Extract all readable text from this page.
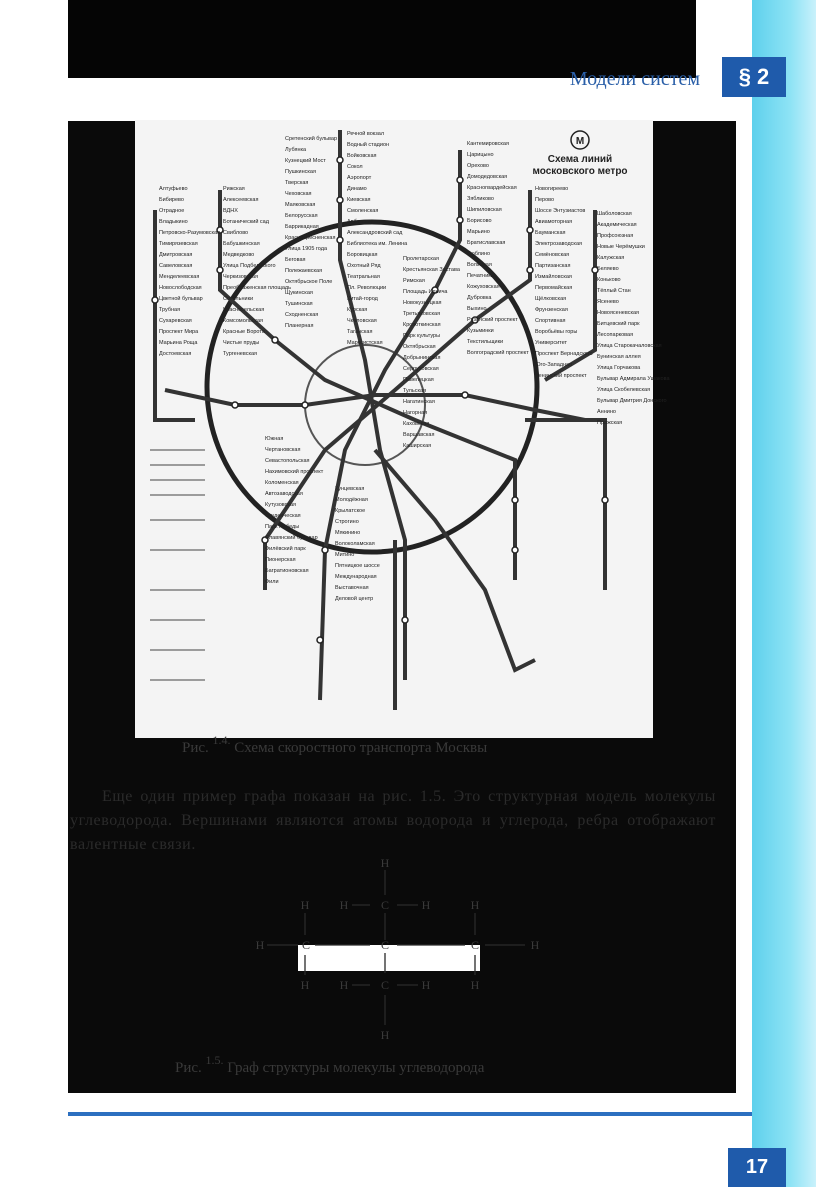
Модели систем	§ 2
Алтуфьево
Бибирево
Отрадное
Владыкино
Петровско-Разумовская
Тимирязевская
Дмитровская
Савеловская
Менделеевская
Новослободская
Цветной бульвар
Трубная
Сухаревская
Проспект Мира
Марьина Роща
Достоевская
Рижская
Алексеевская
ВДНХ
Ботанический сад
Свиблово
Бабушкинская
Медведково
Улица Подбельского
Черкизовская
Преображенская площадь
Сокольники
Красносельская
Комсомольская
Красные Ворота
Чистые пруды
Тургеневская
Сретенский бульвар
Лубянка
Кузнецкий Мост
Пушкинская
Тверская
Чеховская
Маяковская
Белорусская
Баррикадная
Краснопресненская
Улица 1905 года
Беговая
Полежаевская
Октябрьское Поле
Щукинская
Тушинская
Сходненская
Планерная
Речной вокзал
Водный стадион
Войковская
Сокол
Аэропорт
Динамо
Киевская
Смоленская
Арбатская
Александровский сад
Библиотека им. Ленина
Боровицкая
Охотный Ряд
Театральная
Пл. Революции
Китай-город
Курская
Чкаловская
Таганская
Марксистская
Пролетарская
Крестьянская Застава
Римская
Площадь Ильича
Новокузнецкая
Третьяковская
Кропоткинская
Парк культуры
Октябрьская
Добрынинская
Серпуховская
Павелецкая
Тульская
Нагатинская
Нагорная
Каховская
Варшавская
Каширская
Кантемировская
Царицыно
Орехово
Домодедовская
Красногвардейская
Зябликово
Шипиловская
Борисово
Марьино
Братиславская
Люблино
Волжская
Печатники
Кожуховская
Дубровка
Выхино
Рязанский проспект
Кузьминки
Текстильщики
Волгоградский проспект
Новогиреево
Перово
Шоссе Энтузиастов
Авиамоторная
Бауманская
Электрозаводская
Семёновская
Партизанская
Измайловская
Первомайская
Щёлковская
Фрунзенская
Спортивная
Воробьёвы горы
Университет
Проспект Вернадского
Юго-Западная
Ленинский проспект
Шаболовская
Академическая
Профсоюзная
Новые Черёмушки
Калужская
Беляево
Коньково
Тёплый Стан
Ясенево
Новоясеневская
Битцевский парк
Лесопарковая
Улица Старокачаловская
Бунинская аллея
Улица Горчакова
Бульвар Адмирала Ушакова
Улица Скобелевская
Бульвар Дмитрия Донского
Аннино
Пражская
Южная
Чертановская
Севастопольская
Нахимовский проспект
Коломенская
Автозаводская
Кутузовская
Студенческая
Парк Победы
Славянский бульвар
Филёвский парк
Пионерская
Багратионовская
Фили
Кунцевская
Молодёжная
Крылатское
Строгино
Мякинино
Волоколамская
Митино
Пятницкое шоссе
Международная
Выставочная
Деловой центр
М
Схема линий
московского метро
Рис. $^{1.4.}$ Схема скоростного транспорта Москвы

Еще один пример графа показан на рис. 1.5. Это структурная модель молекулы углеводорода. Вершинами являются атомы водорода и углерода, ребра отображают валентные связи.

H
H	H	C	H	H
H	C	C	C	H
H	H	C	H	H
H
Рис. $^{1.5.}$ Граф структуры молекулы углеводорода
17
